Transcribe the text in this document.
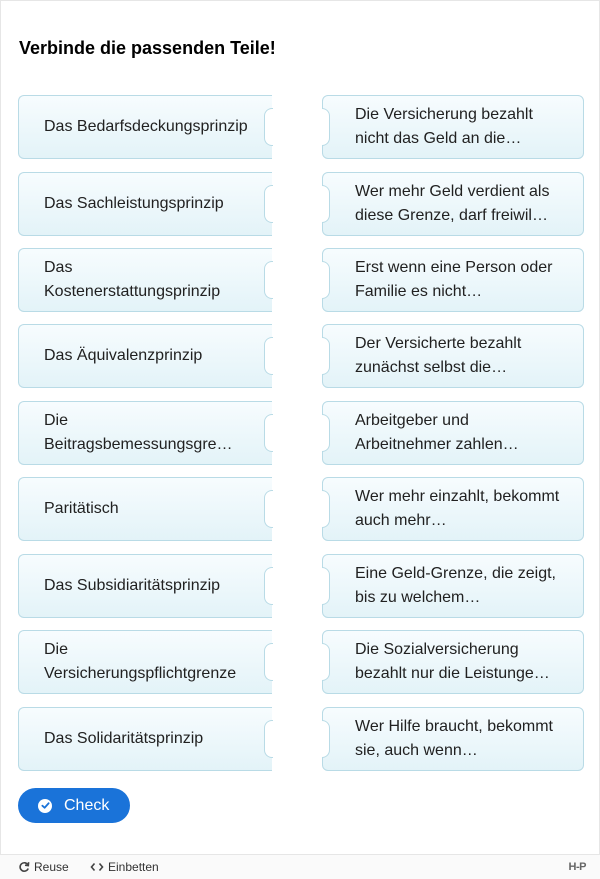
Verbinde die passenden Teile!
Das Bedarfsdeckungsprinzip
Das Sachleistungsprinzip
Das Kostenerstattungsprinzip
Das Äquivalenzprinzip
Die Beitragsbemessungsgre…
Paritätisch
Das Subsidiaritätsprinzip
Die Versicherungspflichtgrenze
Das Solidaritätsprinzip
Die Versicherung bezahlt nicht das Geld an die…
Wer mehr Geld verdient als diese Grenze, darf freiwil…
Erst wenn eine Person oder Familie es nicht…
Der Versicherte bezahlt zunächst selbst die…
Arbeitgeber und Arbeitnehmer zahlen…
Wer mehr einzahlt, bekommt auch mehr…
Eine Geld-Grenze, die zeigt, bis zu welchem…
Die Sozialversicherung bezahlt nur die Leistunge…
Wer Hilfe braucht, bekommt sie, auch wenn…
Check
Reuse	Einbetten	H-P
